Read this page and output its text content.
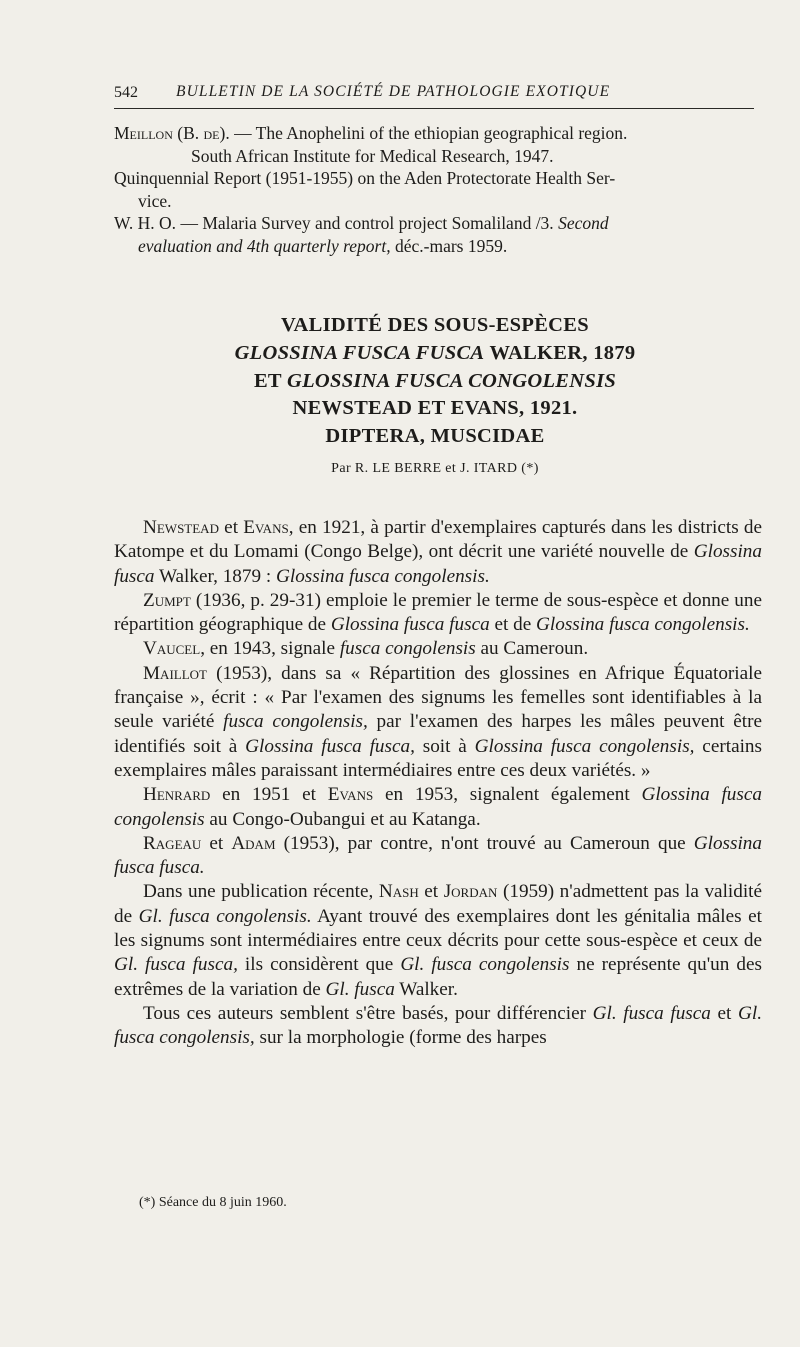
542 BULLETIN DE LA SOCIÉTÉ DE PATHOLOGIE EXOTIQUE

Meillon (B. de). — The Anophelini of the ethiopian geographical region.
South African Institute for Medical Research, 1947.

Quinquennial Report (1951-1955) on the Aden Protectorate Health Ser-

vice.

W. H. O. — Malaria Survey and control project Somaliland /3. Second

evaluation and 4th quarterly report, déc.-mars 1959.

VALIDITÉ DES SOUS-ESPÈCES
GLOSSINA FUSCA FUSCA WALKER, 1879
ET GLOSSINA FUSCA CONGOLENSIS
NEWSTEAD ET EVANS, 1921.
DIPTERA, MUSCIDAE
Par R. LE BERRE et J. ITARD (*)

Newstead et Evans, en 1921, à partir d'exemplaires capturés dans les districts de Katompe et du Lomami (Congo Belge), ont décrit une variété nouvelle de Glossina fusca Walker, 1879 : Glossina fusca congolensis.

Zumpt (1936, p. 29-31) emploie le premier le terme de sous-espèce et donne une répartition géographique de Glossina fusca fusca et de Glossina fusca congolensis.

Vaucel, en 1943, signale fusca congolensis au Cameroun.

Maillot (1953), dans sa « Répartition des glossines en Afrique Équatoriale française », écrit : « Par l'examen des signums les femelles sont identifiables à la seule variété fusca congolensis, par l'examen des harpes les mâles peuvent être identifiés soit à Glossina fusca fusca, soit à Glossina fusca congolensis, certains exemplaires mâles paraissant intermédiaires entre ces deux variétés. »

Henrard en 1951 et Evans en 1953, signalent également Glossina fusca congolensis au Congo-Oubangui et au Katanga.

Rageau et Adam (1953), par contre, n'ont trouvé au Cameroun que Glossina fusca fusca.

Dans une publication récente, Nash et Jordan (1959) n'admettent pas la validité de Gl. fusca congolensis. Ayant trouvé des exemplaires dont les génitalia mâles et les signums sont intermédiaires entre ceux décrits pour cette sous-espèce et ceux de Gl. fusca fusca, ils considèrent que Gl. fusca congolensis ne représente qu'un des extrêmes de la variation de Gl. fusca Walker.

Tous ces auteurs semblent s'être basés, pour différencier Gl. fusca fusca et Gl. fusca congolensis, sur la morphologie (forme des harpes

(*) Séance du 8 juin 1960.
